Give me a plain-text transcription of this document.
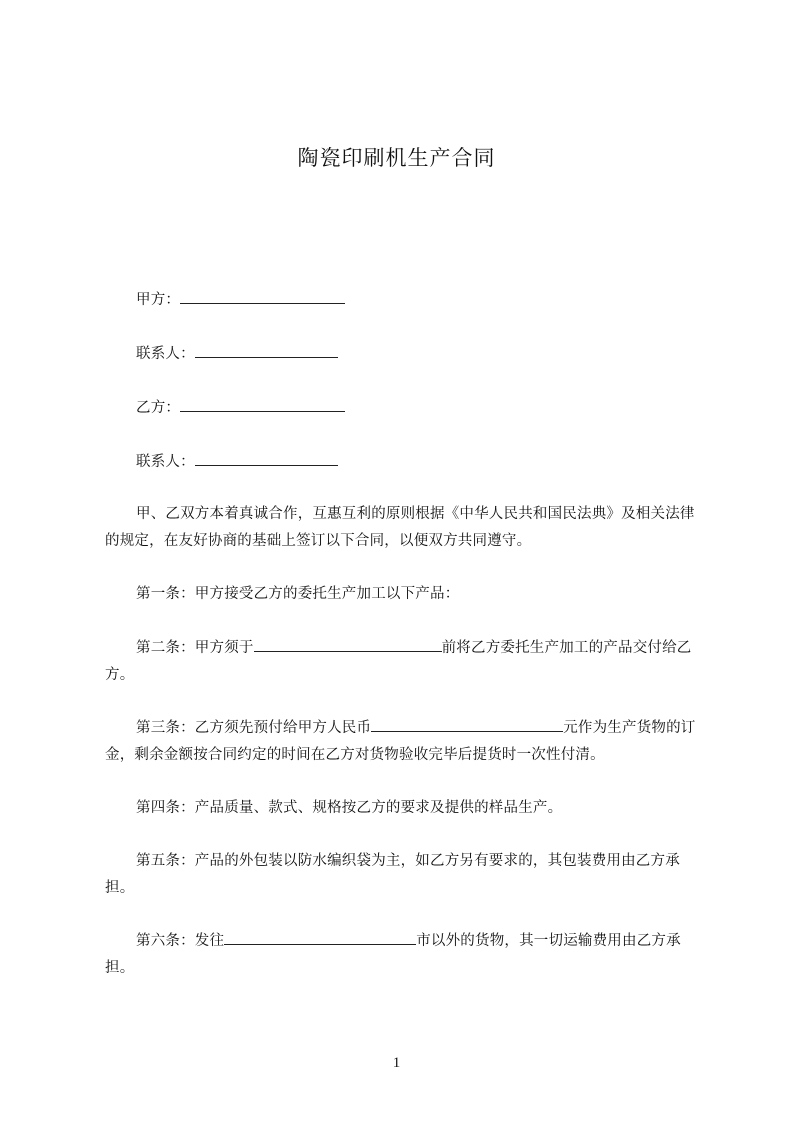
陶瓷印刷机生产合同

甲方：

联系人：

乙方：

联系人：

甲、乙双方本着真诚合作，互惠互利的原则根据《中华人民共和国民法典》及相关法律的规定，在友好协商的基础上签订以下合同，以便双方共同遵守。

第一条：甲方接受乙方的委托生产加工以下产品：

第二条：甲方须于	前将乙方委托生产加工的产品交付给乙方。

第三条：乙方须先预付给甲方人民币	元作为生产货物的订金，剩余金额按合同约定的时间在乙方对货物验收完毕后提货时一次性付清。

第四条：产品质量、款式、规格按乙方的要求及提供的样品生产。

第五条：产品的外包装以防水编织袋为主，如乙方另有要求的，其包装费用由乙方承担。

第六条：发往	市以外的货物，其一切运输费用由乙方承担。

1
